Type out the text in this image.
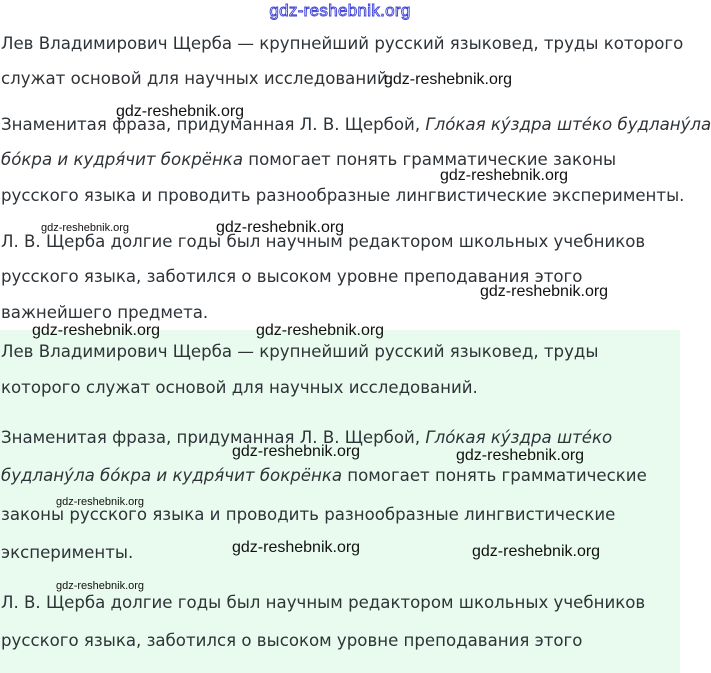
Лев Владимирович Щерба — крупнейший русский языковед, труды которого
служат основой для научных исследований.
Знаменитая фраза, придуманная Л. В. Щербой, Гло́кая ку́здра ште́ко будлану́ла
бо́кра и кудря́чит бокрёнка помогает понять грамматические законы
русского языка и проводить разнообразные лингвистические эксперименты.
Л. В. Щерба долгие годы был научным редактором школьных учебников
русского языка, заботился о высоком уровне преподавания этого
важнейшего предмета.
Лев Владимирович Щерба — крупнейший русский языковед, труды
которого служат основой для научных исследований.
Знаменитая фраза, придуманная Л. В. Щербой, Гло́кая ку́здра ште́ко
будлану́ла бо́кра и кудря́чит бокрёнка помогает понять грамматические
законы русского языка и проводить разнообразные лингвистические
эксперименты.
Л. В. Щерба долгие годы был научным редактором школьных учебников
русского языка, заботился о высоком уровне преподавания этого
gdz-reshebnik.org
gdz-reshebnik.org
gdz-reshebnik.org
gdz-reshebnik.org
gdz-reshebnik.org	gdz-reshebnik.org
gdz-reshebnik.org
gdz-reshebnik.org	gdz-reshebnik.org
gdz-reshebnik.org	gdz-reshebnik.org
gdz-reshebnik.org
gdz-reshebnik.org	gdz-reshebnik.org
gdz-reshebnik.org
